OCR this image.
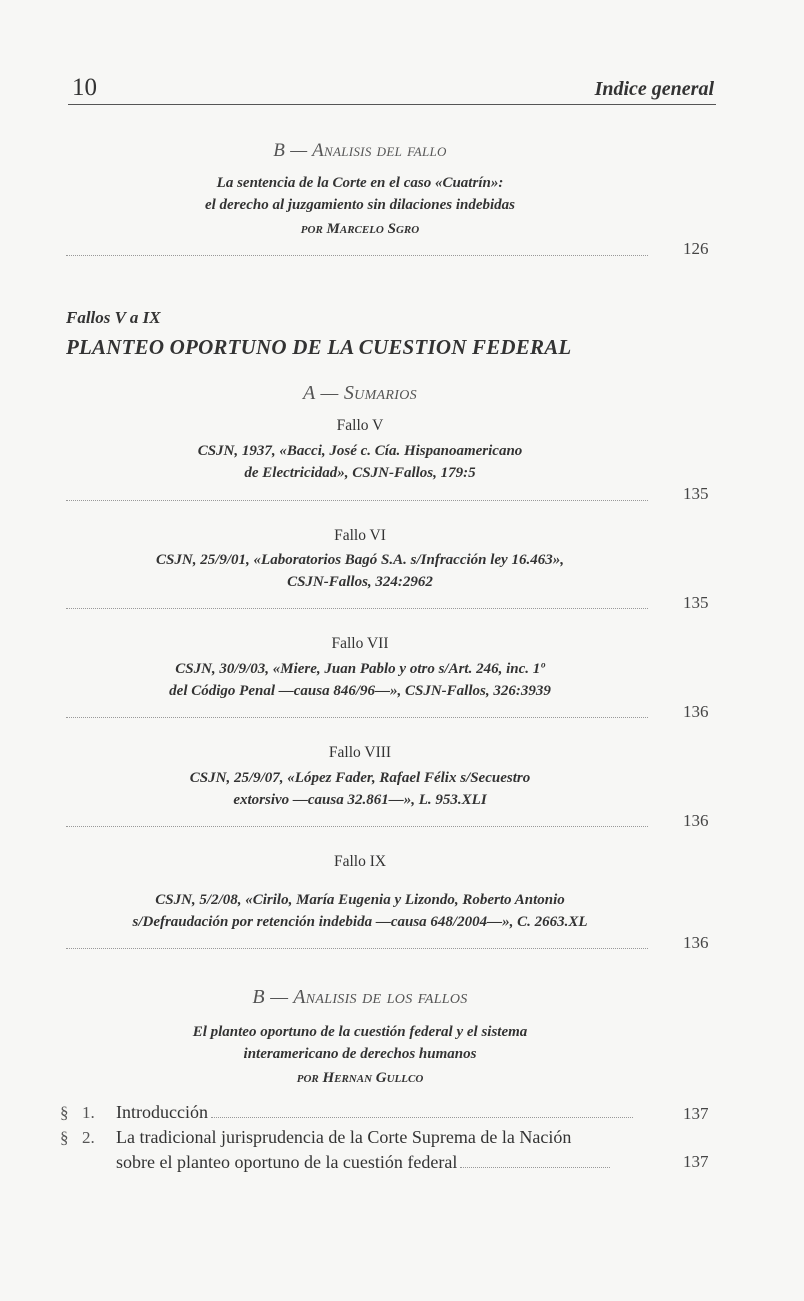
10	Indice general
B — Analisis del fallo
La sentencia de la Corte en el caso «Cuatrín»:
el derecho al juzgamiento sin dilaciones indebidas
por Marcelo Sgro
126
Fallos V a IX
PLANTEO OPORTUNO DE LA CUESTION FEDERAL
A — Sumarios
Fallo V
CSJN, 1937, «Bacci, José c. Cía. Hispanoamericano
de Electricidad», CSJN-Fallos, 179:5
135
Fallo VI
CSJN, 25/9/01, «Laboratorios Bagó S.A. s/Infracción ley 16.463»,
CSJN-Fallos, 324:2962
135
Fallo VII
CSJN, 30/9/03, «Miere, Juan Pablo y otro s/Art. 246, inc. 1º
del Código Penal —causa 846/96—», CSJN-Fallos, 326:3939
136
Fallo VIII
CSJN, 25/9/07, «López Fader, Rafael Félix s/Secuestro
extorsivo —causa 32.861—», L. 953.XLI
136
Fallo IX
CSJN, 5/2/08, «Cirilo, María Eugenia y Lizondo, Roberto Antonio
s/Defraudación por retención indebida —causa 648/2004—», C. 2663.XL
136
B — Analisis de los fallos
El planteo oportuno de la cuestión federal y el sistema
interamericano de derechos humanos
por Hernan Gullco
§ 1. Introducción	137
§ 2. La tradicional jurisprudencia de la Corte Suprema de la Nación
sobre el planteo oportuno de la cuestión federal	137
